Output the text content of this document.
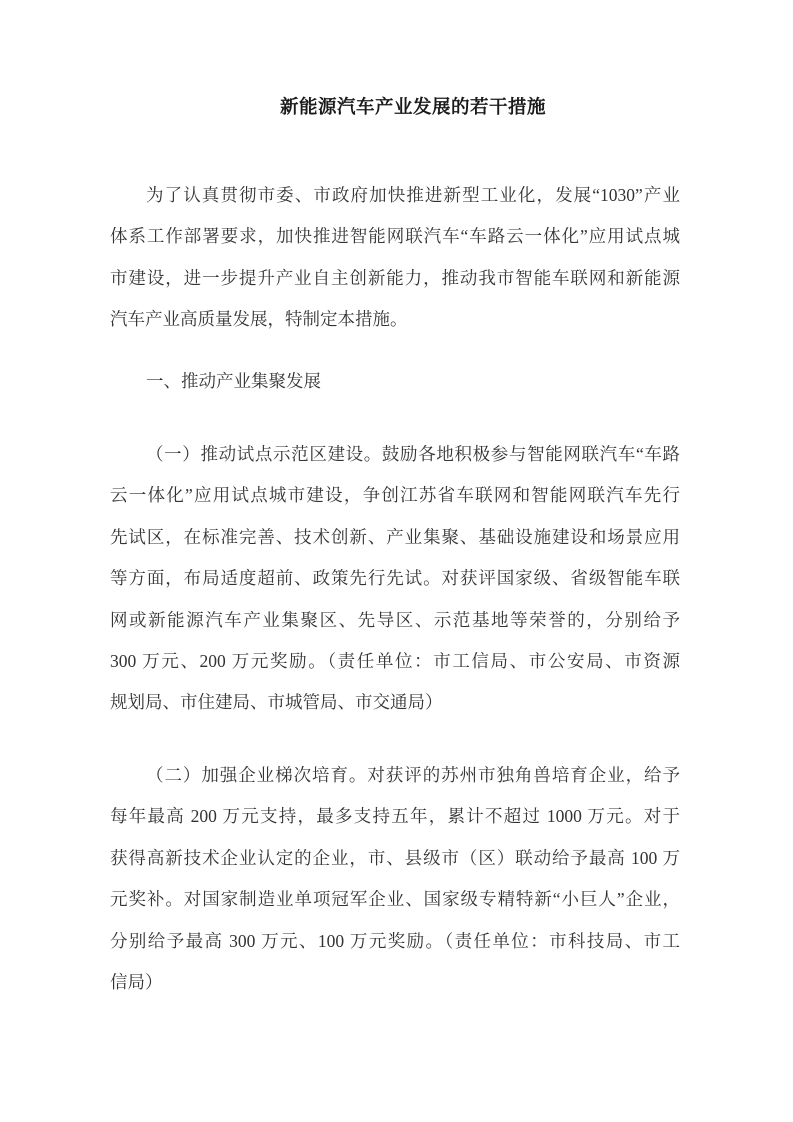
新能源汽车产业发展的若干措施
为了认真贯彻市委、市政府加快推进新型工业化，发展“1030”产业
体系工作部署要求，加快推进智能网联汽车“车路云一体化”应用试点城
市建设，进一步提升产业自主创新能力，推动我市智能车联网和新能源
汽车产业高质量发展，特制定本措施。
一、推动产业集聚发展
（一）推动试点示范区建设。鼓励各地积极参与智能网联汽车“车路
云一体化”应用试点城市建设，争创江苏省车联网和智能网联汽车先行
先试区，在标准完善、技术创新、产业集聚、基础设施建设和场景应用
等方面，布局适度超前、政策先行先试。对获评国家级、省级智能车联
网或新能源汽车产业集聚区、先导区、示范基地等荣誉的，分别给予
300 万元、200 万元奖励。（责任单位：市工信局、市公安局、市资源
规划局、市住建局、市城管局、市交通局）
（二）加强企业梯次培育。对获评的苏州市独角兽培育企业，给予
每年最高 200 万元支持，最多支持五年，累计不超过 1000 万元。对于
获得高新技术企业认定的企业，市、县级市（区）联动给予最高 100 万
元奖补。对国家制造业单项冠军企业、国家级专精特新“小巨人”企业，
分别给予最高 300 万元、100 万元奖励。（责任单位：市科技局、市工
信局）
